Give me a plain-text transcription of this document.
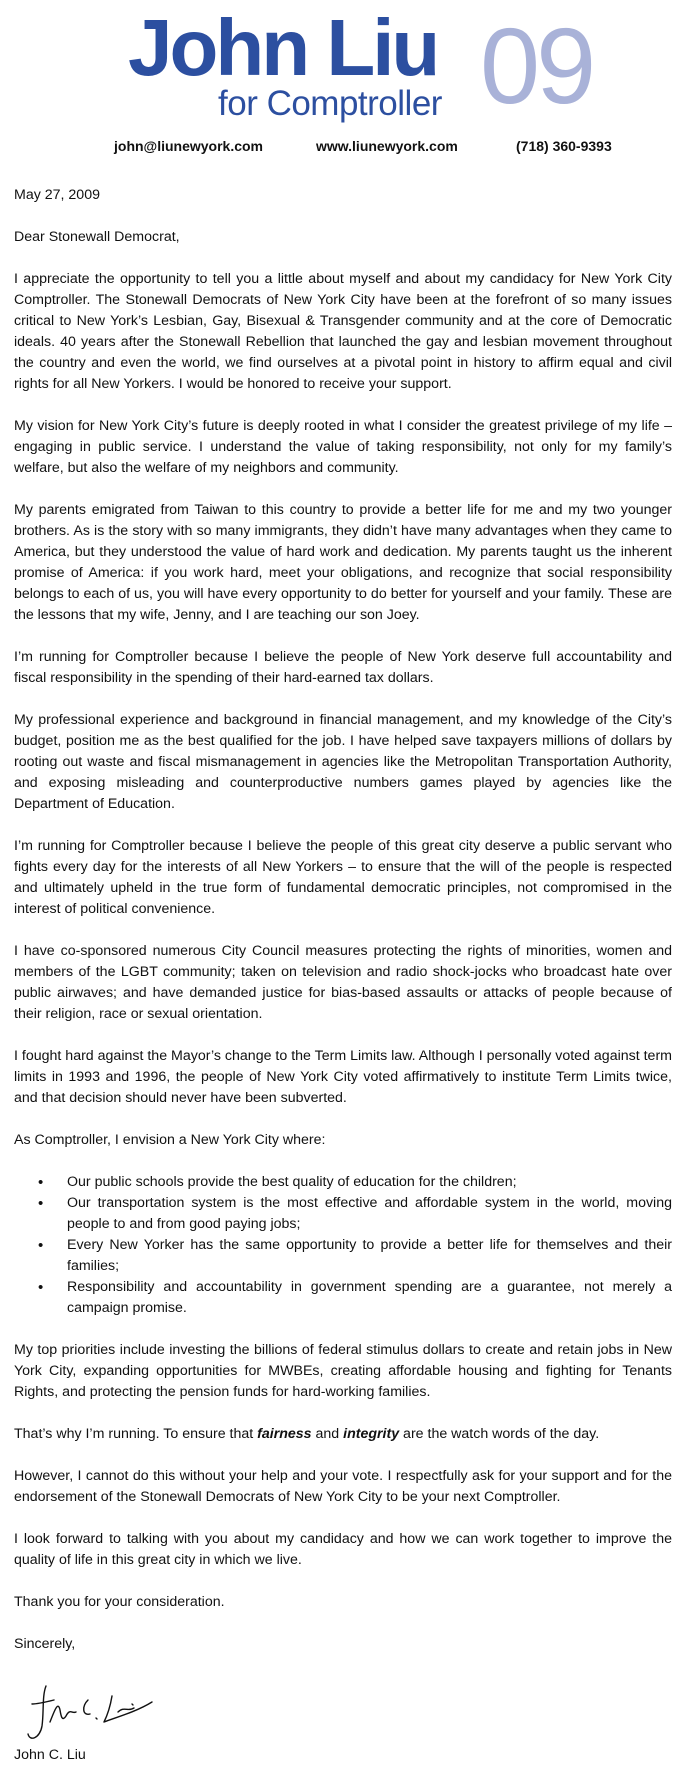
John Liu
for Comptroller 09
john@liunewyork.com	www.liunewyork.com	(718) 360-9393

May 27, 2009

Dear Stonewall Democrat,

I appreciate the opportunity to tell you a little about myself and about my candidacy for New York City Comptroller. The Stonewall Democrats of New York City have been at the forefront of so many issues critical to New York’s Lesbian, Gay, Bisexual & Transgender community and at the core of Democratic ideals. 40 years after the Stonewall Rebellion that launched the gay and lesbian movement throughout the country and even the world, we find ourselves at a pivotal point in history to affirm equal and civil rights for all New Yorkers. I would be honored to receive your support.

My vision for New York City’s future is deeply rooted in what I consider the greatest privilege of my life – engaging in public service. I understand the value of taking responsibility, not only for my family’s welfare, but also the welfare of my neighbors and community.

My parents emigrated from Taiwan to this country to provide a better life for me and my two younger brothers. As is the story with so many immigrants, they didn’t have many advantages when they came to America, but they understood the value of hard work and dedication. My parents taught us the inherent promise of America: if you work hard, meet your obligations, and recognize that social responsibility belongs to each of us, you will have every opportunity to do better for yourself and your family. These are the lessons that my wife, Jenny, and I are teaching our son Joey.

I’m running for Comptroller because I believe the people of New York deserve full accountability and fiscal responsibility in the spending of their hard-earned tax dollars.

My professional experience and background in financial management, and my knowledge of the City’s budget, position me as the best qualified for the job. I have helped save taxpayers millions of dollars by rooting out waste and fiscal mismanagement in agencies like the Metropolitan Transportation Authority, and exposing misleading and counterproductive numbers games played by agencies like the Department of Education.

I’m running for Comptroller because I believe the people of this great city deserve a public servant who fights every day for the interests of all New Yorkers – to ensure that the will of the people is respected and ultimately upheld in the true form of fundamental democratic principles, not compromised in the interest of political convenience.

I have co-sponsored numerous City Council measures protecting the rights of minorities, women and members of the LGBT community; taken on television and radio shock-jocks who broadcast hate over public airwaves; and have demanded justice for bias-based assaults or attacks of people because of their religion, race or sexual orientation.

I fought hard against the Mayor’s change to the Term Limits law. Although I personally voted against term limits in 1993 and 1996, the people of New York City voted affirmatively to institute Term Limits twice, and that decision should never have been subverted.

As Comptroller, I envision a New York City where:

• Our public schools provide the best quality of education for the children;
• Our transportation system is the most effective and affordable system in the world, moving people to and from good paying jobs;
• Every New Yorker has the same opportunity to provide a better life for themselves and their families;
• Responsibility and accountability in government spending are a guarantee, not merely a campaign promise.

My top priorities include investing the billions of federal stimulus dollars to create and retain jobs in New York City, expanding opportunities for MWBEs, creating affordable housing and fighting for Tenants Rights, and protecting the pension funds for hard-working families.

That’s why I’m running. To ensure that fairness and integrity are the watch words of the day.

However, I cannot do this without your help and your vote. I respectfully ask for your support and for the endorsement of the Stonewall Democrats of New York City to be your next Comptroller.

I look forward to talking with you about my candidacy and how we can work together to improve the quality of life in this great city in which we live.

Thank you for your consideration.

Sincerely,

John C. Liu
